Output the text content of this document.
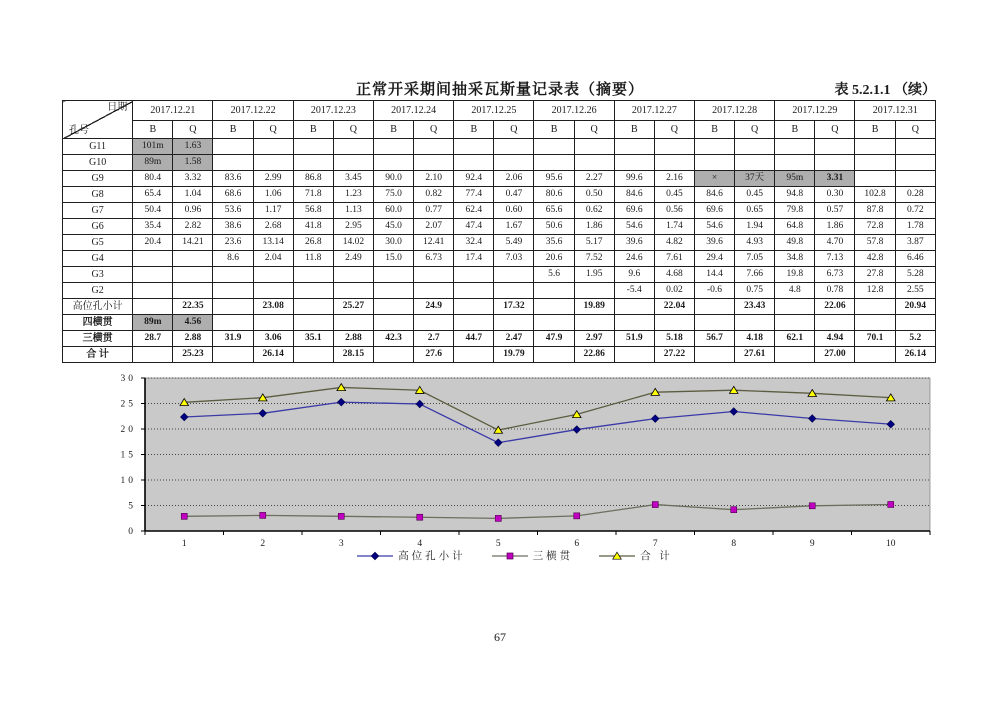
正常开采期间抽采瓦斯量记录表（摘要）	表 5.2.1.1 （续）
日期
孔号	2017.12.21		2017.12.22		2017.12.23		2017.12.24		2017.12.25		2017.12.26		2017.12.27		2017.12.28		2017.12.29		2017.12.31	
	B	Q	B	Q	B	Q	B	Q	B	Q	B	Q	B	Q	B	Q	B	Q	B	Q
G11	101m	1.63																		
G10	89m	1.58																		
G9	80.4	3.32	83.6	2.99	86.8	3.45	90.0	2.10	92.4	2.06	95.6	2.27	99.6	2.16	×	37天	95m	3.31		
G8	65.4	1.04	68.6	1.06	71.8	1.23	75.0	0.82	77.4	0.47	80.6	0.50	84.6	0.45	84.6	0.45	94.8	0.30	102.8	0.28
G7	50.4	0.96	53.6	1.17	56.8	1.13	60.0	0.77	62.4	0.60	65.6	0.62	69.6	0.56	69.6	0.65	79.8	0.57	87.8	0.72
G6	35.4	2.82	38.6	2.68	41.8	2.95	45.0	2.07	47.4	1.67	50.6	1.86	54.6	1.74	54.6	1.94	64.8	1.86	72.8	1.78
G5	20.4	14.21	23.6	13.14	26.8	14.02	30.0	12.41	32.4	5.49	35.6	5.17	39.6	4.82	39.6	4.93	49.8	4.70	57.8	3.87
G4			8.6	2.04	11.8	2.49	15.0	6.73	17.4	7.03	20.6	7.52	24.6	7.61	29.4	7.05	34.8	7.13	42.8	6.46
G3											5.6	1.95	9.6	4.68	14.4	7.66	19.8	6.73	27.8	5.28
G2													-5.4	0.02	-0.6	0.75	4.8	0.78	12.8	2.55
高位孔小计		22.35		23.08		25.27		24.9		17.32		19.89		22.04		23.43		22.06		20.94
四横贯	89m	4.56																		
三横贯	28.7	2.88	31.9	3.06	35.1	2.88	42.3	2.7	44.7	2.47	47.9	2.97	51.9	5.18	56.7	4.18	62.1	4.94	70.1	5.2
合 计		25.23		26.14		28.15		27.6		19.79		22.86		27.22		27.61		27.00		26.14
0
5
10
15
20
25
30
1	2	3	4	5	6	7	8	9	10
高位孔小计	三横贯	合 计
67
